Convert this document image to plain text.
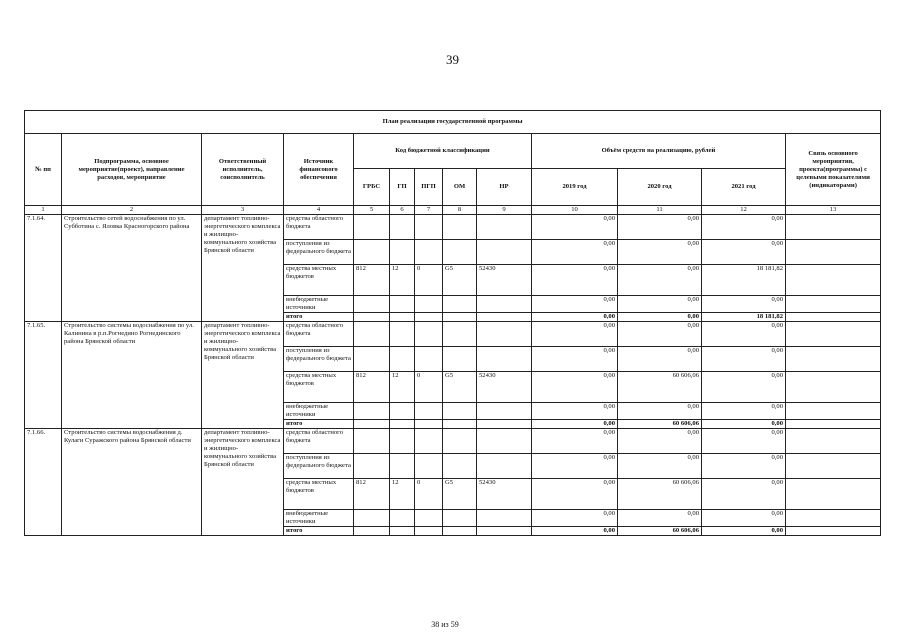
39
План реализации государственной программы												
№ пп	Подпрограмма, основное мероприятие(проект), направление расходов, мероприятие	Ответственный исполнитель, соисполнитель	Источник финансового обеспечения	Код бюджетной классификации					Объём средств на реализацию, рублей			Связь основного мероприятия, проекта(программы) с целевыми показателями (индикаторами)
				ГРБС	ГП	ПГП	ОМ	НР	2019 год	2020 год	2021 год	
1	2	3	4	5	6	7	8	9	10	11	12	13
7.1.64.	Строительство сетей водоснабжения по ул. Субботина с. Яловка Красногорского района	департамент топливно-энергетического комплекса и жилищно-коммунального хозяйства Брянской области	средства областного бюджета						0,00	0,00	0,00	
			поступления из федерального бюджета						0,00	0,00	0,00	
			средства местных бюджетов	812	12	0	G5	52430	0,00	0,00	18 181,82	
			внебюджетные источники						0,00	0,00	0,00	
			итого						0,00	0,00	18 181,82	
7.1.65.	Строительство системы водоснабжения по ул. Калинина в р.п.Рогнедино Рогнединского района Брянской области	департамент топливно-энергетического комплекса и жилищно-коммунального хозяйства Брянской области	средства областного бюджета						0,00	0,00	0,00	
			поступления из федерального бюджета						0,00	0,00	0,00	
			средства местных бюджетов	812	12	0	G5	52430	0,00	60 606,06	0,00	
			внебюджетные источники						0,00	0,00	0,00	
			итого						0,00	60 606,06	0,00	
7.1.66.	Строительство системы водоснабжения д. Кулаги Суражского района Брянской области	департамент топливно-энергетического комплекса и жилищно-коммунального хозяйства Брянской области	средства областного бюджета						0,00	0,00	0,00	
			поступления из федерального бюджета						0,00	0,00	0,00	
			средства местных бюджетов	812	12	0	G5	52430	0,00	60 606,06	0,00	
			внебюджетные источники						0,00	0,00	0,00	
			итого						0,00	60 606,06	0,00	
38 из 59
